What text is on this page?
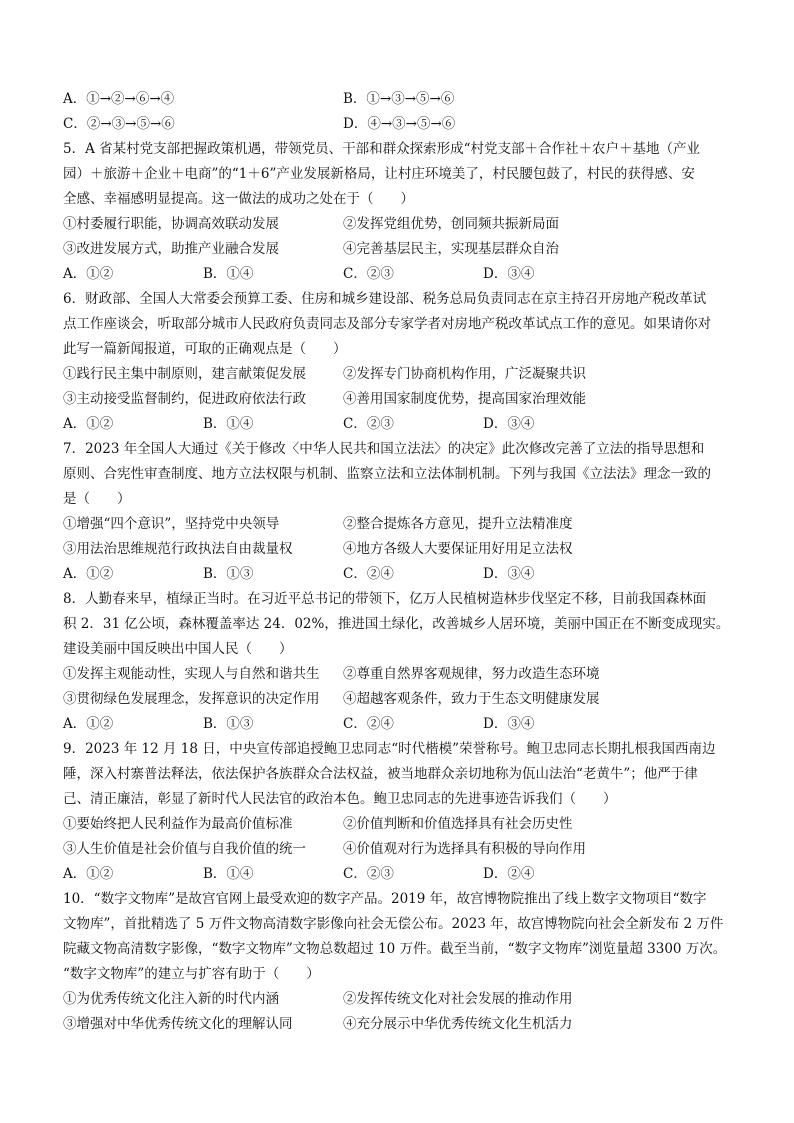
A．①→②→⑥→④	B．①→③→⑤→⑥
C．②→③→⑤→⑥	D．④→③→⑤→⑥
5．A 省某村党支部把握政策机遇，带领党员、干部和群众探索形成“村党支部＋合作社＋农户＋基地（产业
园）＋旅游＋企业＋电商”的“1＋6”产业发展新格局，让村庄环境美了，村民腰包鼓了，村民的获得感、安
全感、幸福感明显提高。这一做法的成功之处在于（　　）
①村委履行职能，协调高效联动发展	②发挥党组优势，创同频共振新局面
③改进发展方式，助推产业融合发展	④完善基层民主，实现基层群众自治
A．①②	B．①④	C．②③	D．③④
6．财政部、全国人大常委会预算工委、住房和城乡建设部、税务总局负责同志在京主持召开房地产税改革试
点工作座谈会，听取部分城市人民政府负责同志及部分专家学者对房地产税改革试点工作的意见。如果请你对
此写一篇新闻报道，可取的正确观点是（　　）
①践行民主集中制原则，建言献策促发展	②发挥专门协商机构作用，广泛凝聚共识
③主动接受监督制约，促进政府依法行政	④善用国家制度优势，提高国家治理效能
A．①②	B．①④	C．②③	D．③④
7．2023 年全国人大通过《关于修改〈中华人民共和国立法法〉的决定》此次修改完善了立法的指导思想和
原则、合宪性审查制度、地方立法权限与机制、监察立法和立法体制机制。下列与我国《立法法》理念一致的
是（　　）
①增强“四个意识”，坚持党中央领导	②整合提炼各方意见，提升立法精准度
③用法治思维规范行政执法自由裁量权	④地方各级人大要保证用好用足立法权
A．①②	B．①③	C．②④	D．③④
8．人勤春来早，植绿正当时。在习近平总书记的带领下，亿万人民植树造林步伐坚定不移，目前我国森林面
积 2．31 亿公顷，森林覆盖率达 24．02%，推进国土绿化，改善城乡人居环境，美丽中国正在不断变成现实。
建设美丽中国反映出中国人民（　　）
①发挥主观能动性，实现人与自然和谐共生 ②尊重自然界客观规律，努力改造生态环境
③贯彻绿色发展理念，发挥意识的决定作用 ④超越客观条件，致力于生态文明健康发展
A．①②	B．①③	C．②④	D．③④
9．2023 年 12 月 18 日，中央宣传部追授鲍卫忠同志“时代楷模”荣誉称号。鲍卫忠同志长期扎根我国西南边
陲，深入村寨普法释法，依法保护各族群众合法权益，被当地群众亲切地称为佤山法治“老黄牛”；他严于律
己、清正廉洁，彰显了新时代人民法官的政治本色。鲍卫忠同志的先进事迹告诉我们（　　）
①要始终把人民利益作为最高价值标准	②价值判断和价值选择具有社会历史性
③人生价值是社会价值与自我价值的统一	④价值观对行为选择具有积极的导向作用
A．①②	B．①④	C．②③	D．②④
10．“数字文物库”是故宫官网上最受欢迎的数字产品。2019 年，故宫博物院推出了线上数字文物项目“数字
文物库”，首批精选了 5 万件文物高清数字影像向社会无偿公布。2023 年，故宫博物院向社会全新发布 2 万件
院藏文物高清数字影像，“数字文物库”文物总数超过 10 万件。截至当前，“数字文物库”浏览量超 3300 万次。
“数字文物库”的建立与扩容有助于（　　）
①为优秀传统文化注入新的时代内涵	②发挥传统文化对社会发展的推动作用
③增强对中华优秀传统文化的理解认同	④充分展示中华优秀传统文化生机活力
